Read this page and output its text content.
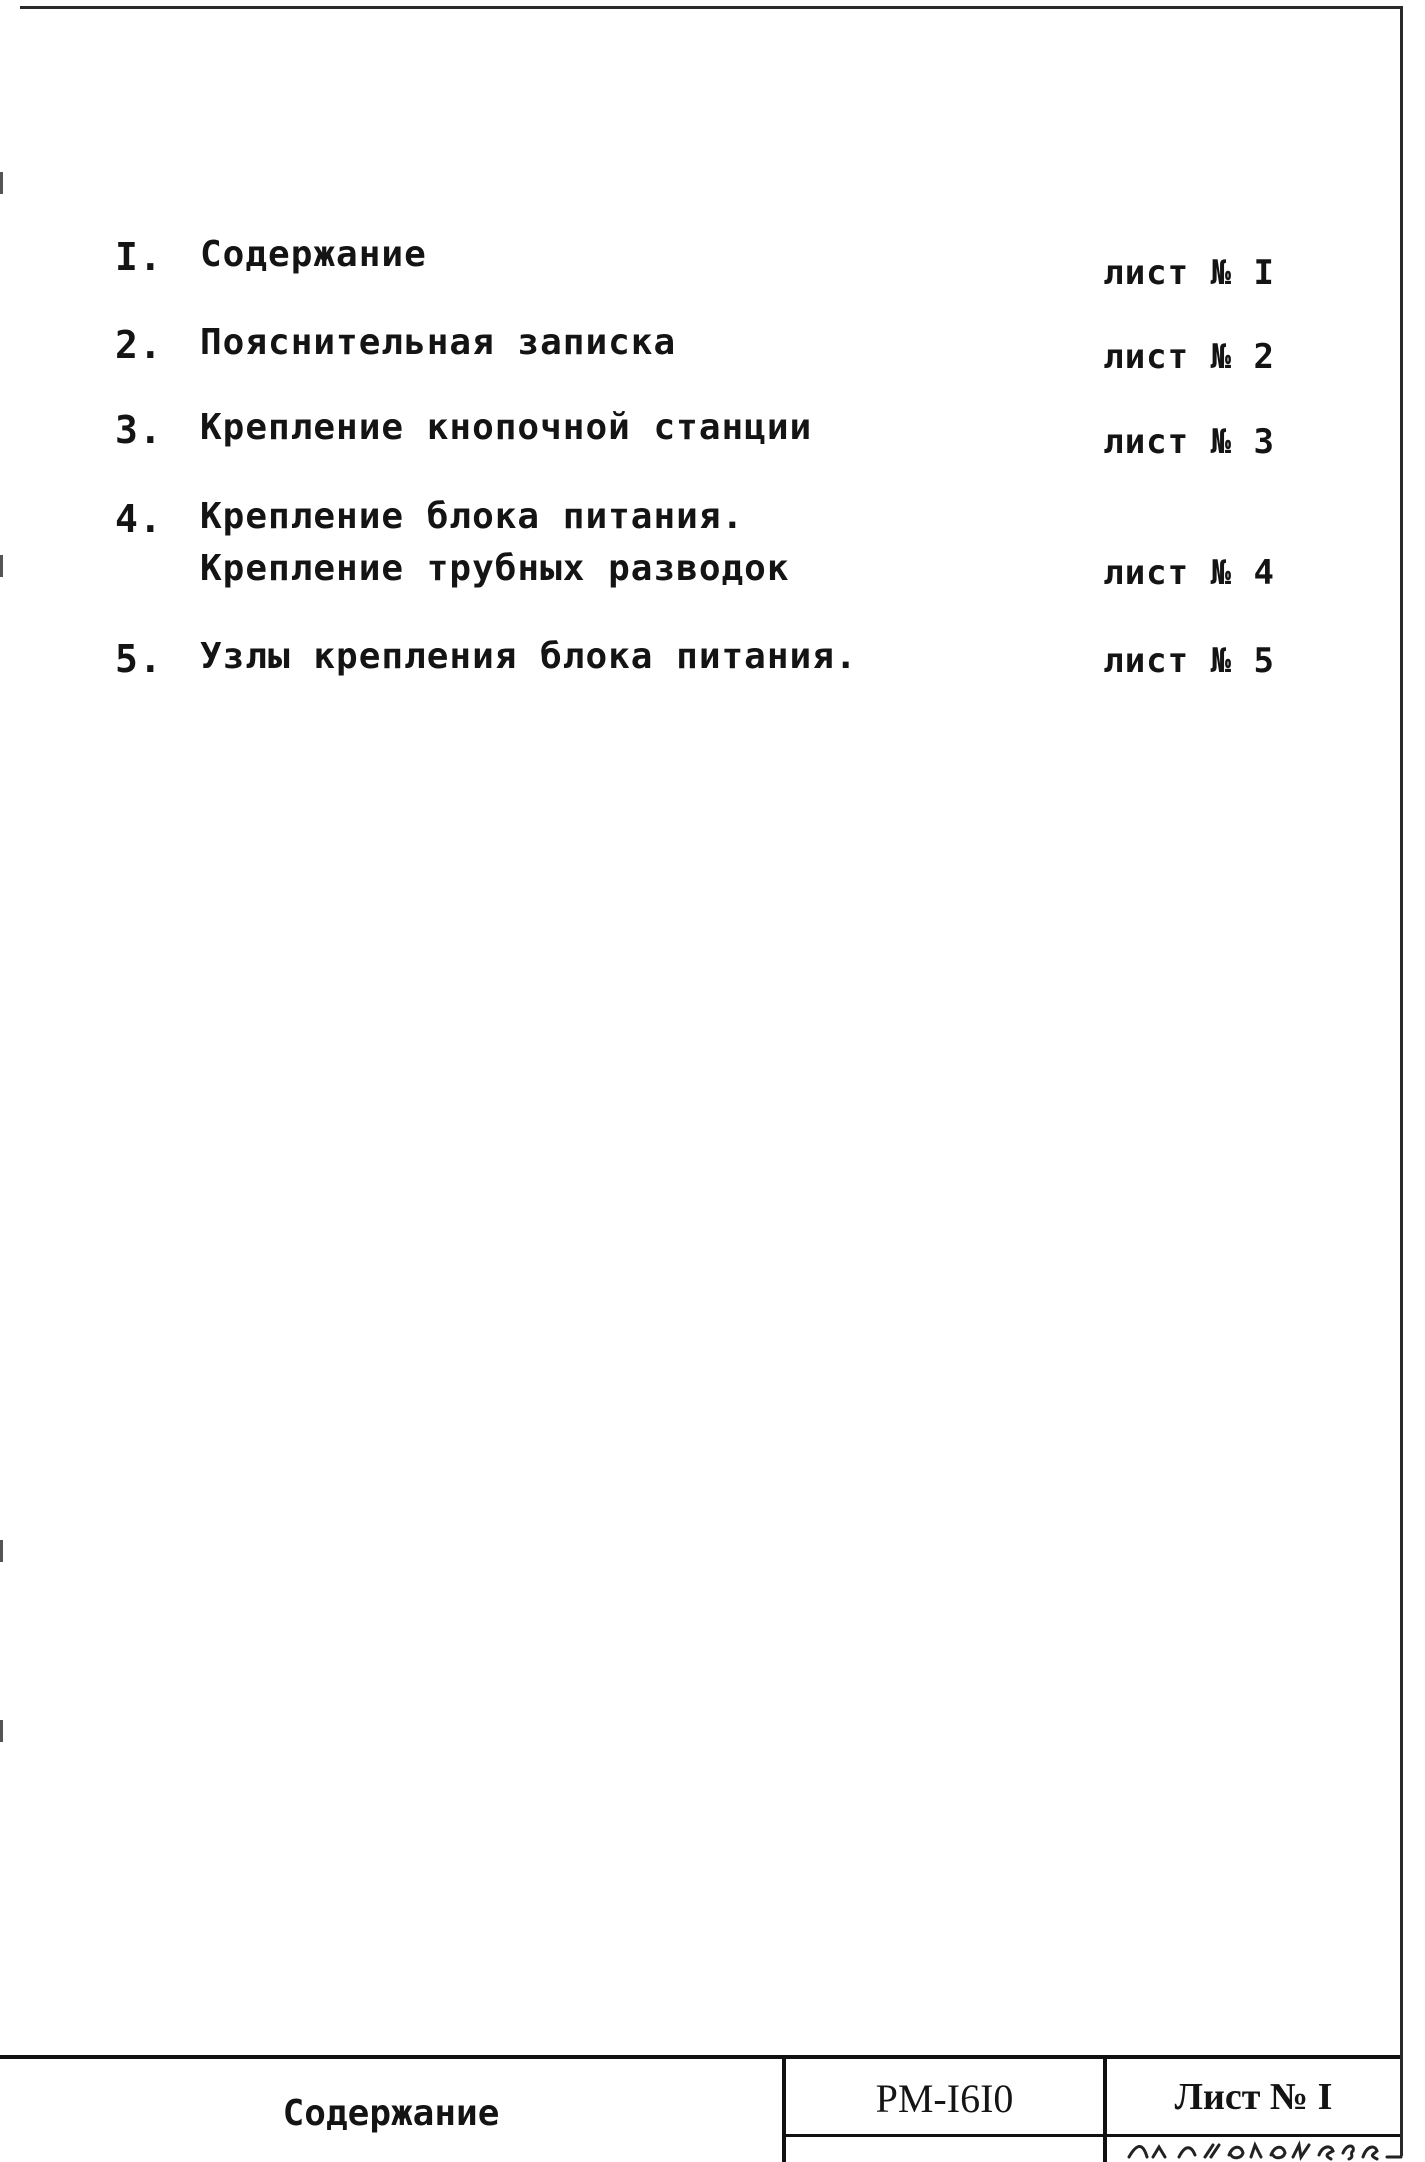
I. Содержание	лист № I
2. Пояснительная записка	лист № 2
3. Крепление кнопочной станции	лист № 3
4. Крепление блока питания.
Крепление трубных разводок	лист № 4
5. Узлы крепления блока питания.	лист № 5
Содержание	РМ-I6I0	Лист № I
